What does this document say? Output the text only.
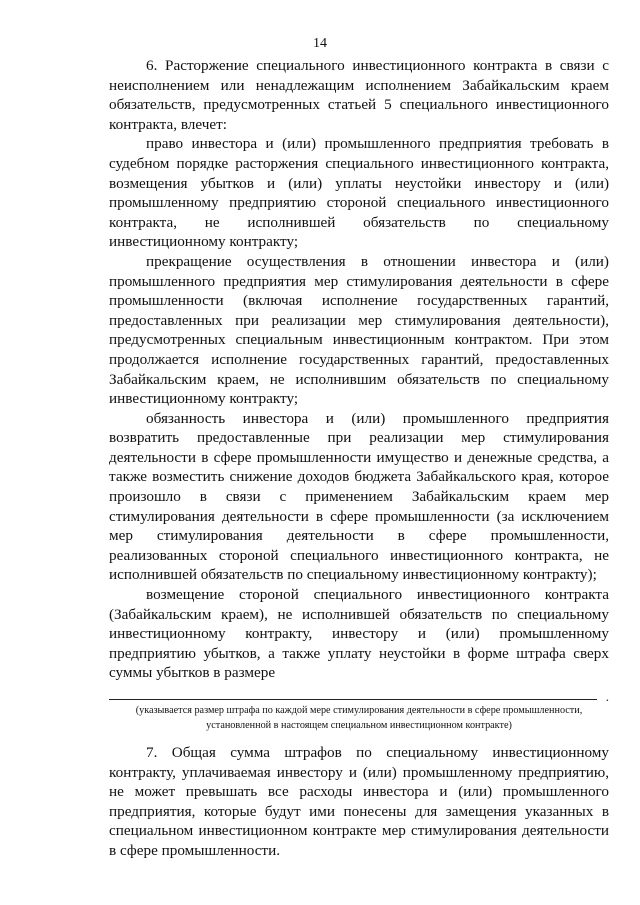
14

6. Расторжение специального инвестиционного контракта в связи с неисполнением или ненадлежащим исполнением Забайкальским краем обязательств, предусмотренных статьей 5 специального инвестиционного контракта, влечет:

право инвестора и (или) промышленного предприятия требовать в судебном порядке расторжения специального инвестиционного контракта, возмещения убытков и (или) уплаты неустойки инвестору и (или) промышленному предприятию стороной специального инвестиционного контракта, не исполнившей обязательств по специальному инвестиционному контракту;

прекращение осуществления в отношении инвестора и (или) промышленного предприятия мер стимулирования деятельности в сфере промышленности (включая исполнение государственных гарантий, предоставленных при реализации мер стимулирования деятельности), предусмотренных специальным инвестиционным контрактом. При этом продолжается исполнение государственных гарантий, предоставленных Забайкальским краем, не исполнившим обязательств по специальному инвестиционному контракту;

обязанность инвестора и (или) промышленного предприятия возвратить предоставленные при реализации мер стимулирования деятельности в сфере промышленности имущество и денежные средства, а также возместить снижение доходов бюджета Забайкальского края, которое произошло в связи с применением Забайкальским краем мер стимулирования деятельности в сфере промышленности (за исключением мер стимулирования деятельности в сфере промышленности, реализованных стороной специального инвестиционного контракта, не исполнившей обязательств по специальному инвестиционному контракту);

возмещение стороной специального инвестиционного контракта (Забайкальским краем), не исполнившей обязательств по специальному инвестиционному контракту, инвестору и (или) промышленному предприятию убытков, а также уплату неустойки в форме штрафа сверх суммы убытков в размере

.

(указывается размер штрафа по каждой мере стимулирования деятельности в сфере промышленности, установленной в настоящем специальном инвестиционном контракте)

7. Общая сумма штрафов по специальному инвестиционному контракту, уплачиваемая инвестору и (или) промышленному предприятию, не может превышать все расходы инвестора и (или) промышленного предприятия, которые будут ими понесены для замещения указанных в специальном инвестиционном контракте мер стимулирования деятельности в сфере промышленности.
